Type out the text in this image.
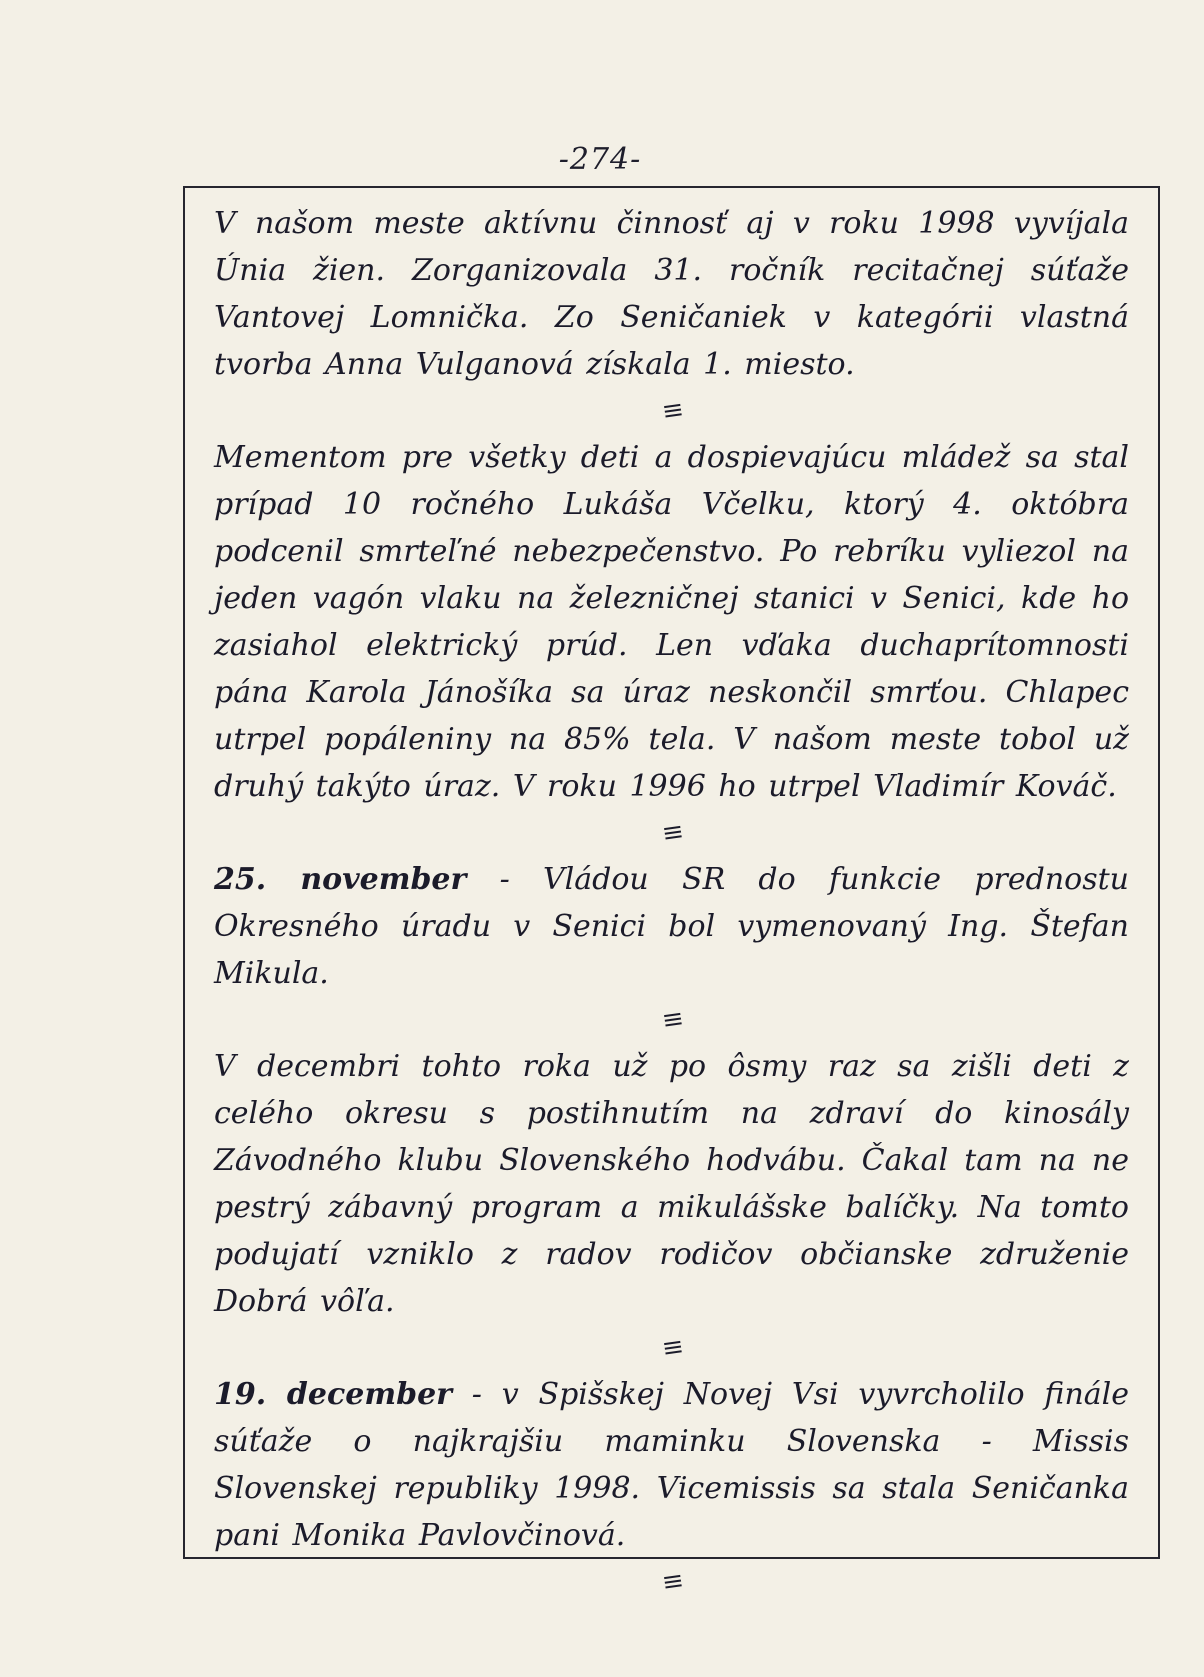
-274-

V našom meste aktívnu činnosť aj v roku 1998 vyvíjala Únia žien. Zorganizovala 31. ročník recitačnej súťaže Vantovej Lomnička. Zo Seničaniek v kategórii vlastná tvorba Anna Vulganová získala 1. miesto.

≡

Mementom pre všetky deti a dospievajúcu mládež sa stal prípad 10 ročného Lukáša Včelku, ktorý 4. októbra podcenil smrteľné nebezpečenstvo. Po rebríku vyliezol na jeden vagón vlaku na železničnej stanici v Senici, kde ho zasiahol elektrický prúd. Len vďaka duchaprítomnosti pána Karola Jánošíka sa úraz neskončil smrťou. Chlapec utrpel popáleniny na 85% tela. V našom meste tobol už druhý takýto úraz. V roku 1996 ho utrpel Vladimír Kováč.

≡

25. november - Vládou SR do funkcie prednostu Okresného úradu v Senici bol vymenovaný Ing. Štefan Mikula.

≡

V decembri tohto roka už po ôsmy raz sa zišli deti z celého okresu s postihnutím na zdraví do kinosály Závodného klubu Slovenského hodvábu. Čakal tam na ne pestrý zábavný program a mikulášske balíčky. Na tomto podujatí vzniklo z radov rodičov občianske združenie Dobrá vôľa.

≡

19. december - v Spišskej Novej Vsi vyvrcholilo finále súťaže o najkrajšiu maminku Slovenska - Missis Slovenskej republiky 1998. Vicemissis sa stala Seničanka pani Monika Pavlovčinová.

≡
